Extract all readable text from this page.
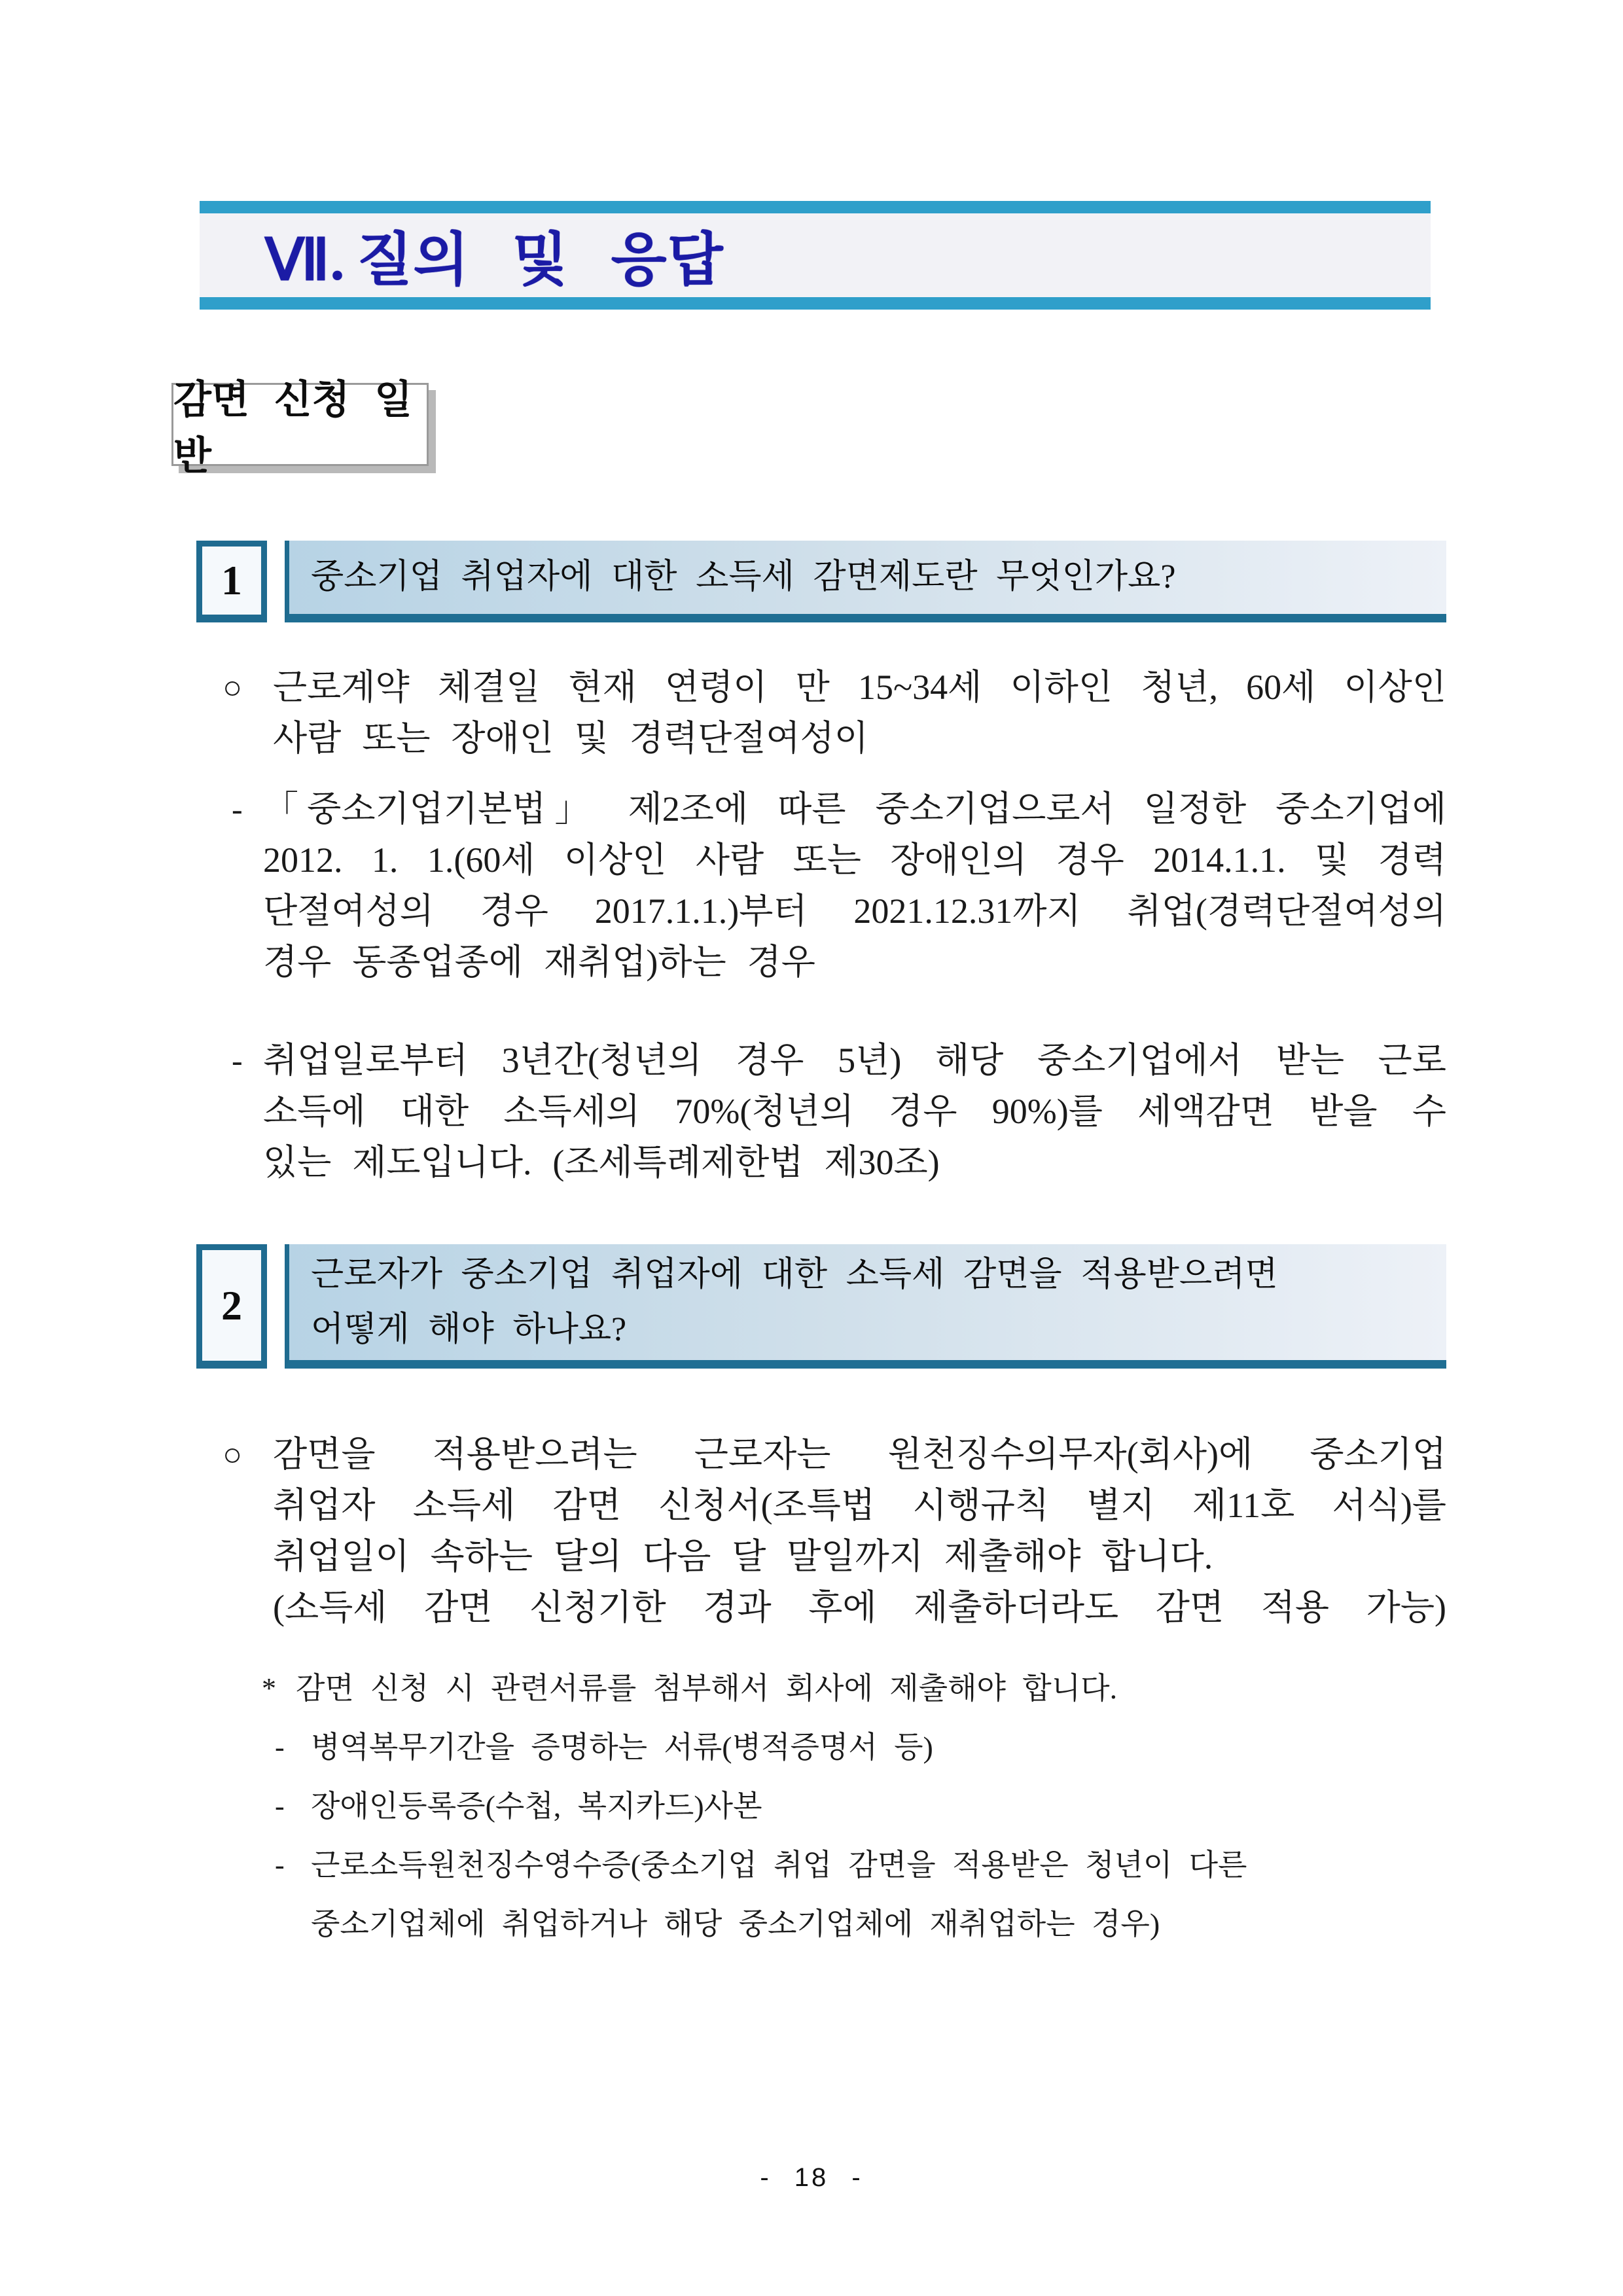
Ⅶ. 질의 및 응답
감면 신청 일반
1 중소기업 취업자에 대한 소득세 감면제도란 무엇인가요?
○ 근로계약 체결일 현재 연령이 만 15~34세 이하인 청년, 60세 이상인
사람 또는 장애인 및 경력단절여성이
- 「중소기업기본법」 제2조에 따른 중소기업으로서 일정한 중소기업에
2012. 1. 1.(60세 이상인 사람 또는 장애인의 경우 2014.1.1. 및 경력
단절여성의 경우 2017.1.1.)부터 2021.12.31까지 취업(경력단절여성의
경우 동종업종에 재취업)하는 경우
- 취업일로부터 3년간(청년의 경우 5년) 해당 중소기업에서 받는 근로
소득에 대한 소득세의 70%(청년의 경우 90%)를 세액감면 받을 수
있는 제도입니다. (조세특례제한법 제30조)
2
근로자가 중소기업 취업자에 대한 소득세 감면을 적용받으려면
어떻게 해야 하나요?
○ 감면을 적용받으려는 근로자는 원천징수의무자(회사)에 중소기업
취업자 소득세 감면 신청서(조특법 시행규칙 별지 제11호 서식)를
취업일이 속하는 달의 다음 달 말일까지 제출해야 합니다.
(소득세 감면 신청기한 경과 후에 제출하더라도 감면 적용 가능)
* 감면 신청 시 관련서류를 첨부해서 회사에 제출해야 합니다.
- 병역복무기간을 증명하는 서류(병적증명서 등)
- 장애인등록증(수첩, 복지카드)사본
- 근로소득원천징수영수증(중소기업 취업 감면을 적용받은 청년이 다른
중소기업체에 취업하거나 해당 중소기업체에 재취업하는 경우)
- 18 -
